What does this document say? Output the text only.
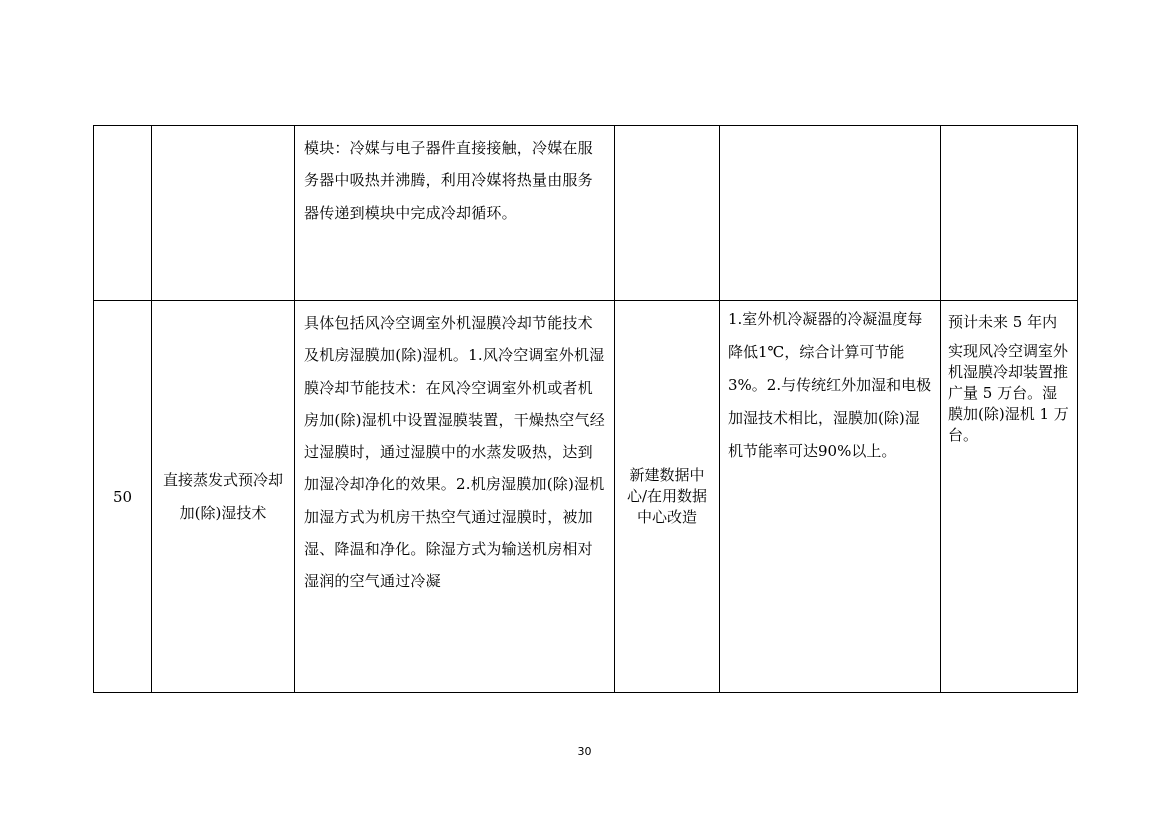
		模块：冷媒与电子器件直接接触，冷媒在服务器中吸热并沸腾，利用冷媒将热量由服务器传递到模块中完成冷却循环。			

50	直接蒸发式预冷却加(除)湿技术	具体包括风冷空调室外机湿膜冷却节能技术及机房湿膜加(除)湿机。1.风冷空调室外机湿膜冷却节能技术：在风冷空调室外机或者机房加(除)湿机中设置湿膜装置，干燥热空气经过湿膜时，通过湿膜中的水蒸发吸热，达到加湿冷却净化的效果。2.机房湿膜加(除)湿机加湿方式为机房干热空气通过湿膜时，被加湿、降温和净化。除湿方式为输送机房相对湿润的空气通过冷凝	新建数据中心/在用数据中心改造	1.室外机冷凝器的冷凝温度每降低1℃，综合计算可节能3%。2.与传统红外加湿和电极加湿技术相比，湿膜加(除)湿机节能率可达90%以上。	预计未来 5 年内
实现风冷空调室外机湿膜冷却装置推广量 5 万台。湿膜加(除)湿机 1 万台。
30
